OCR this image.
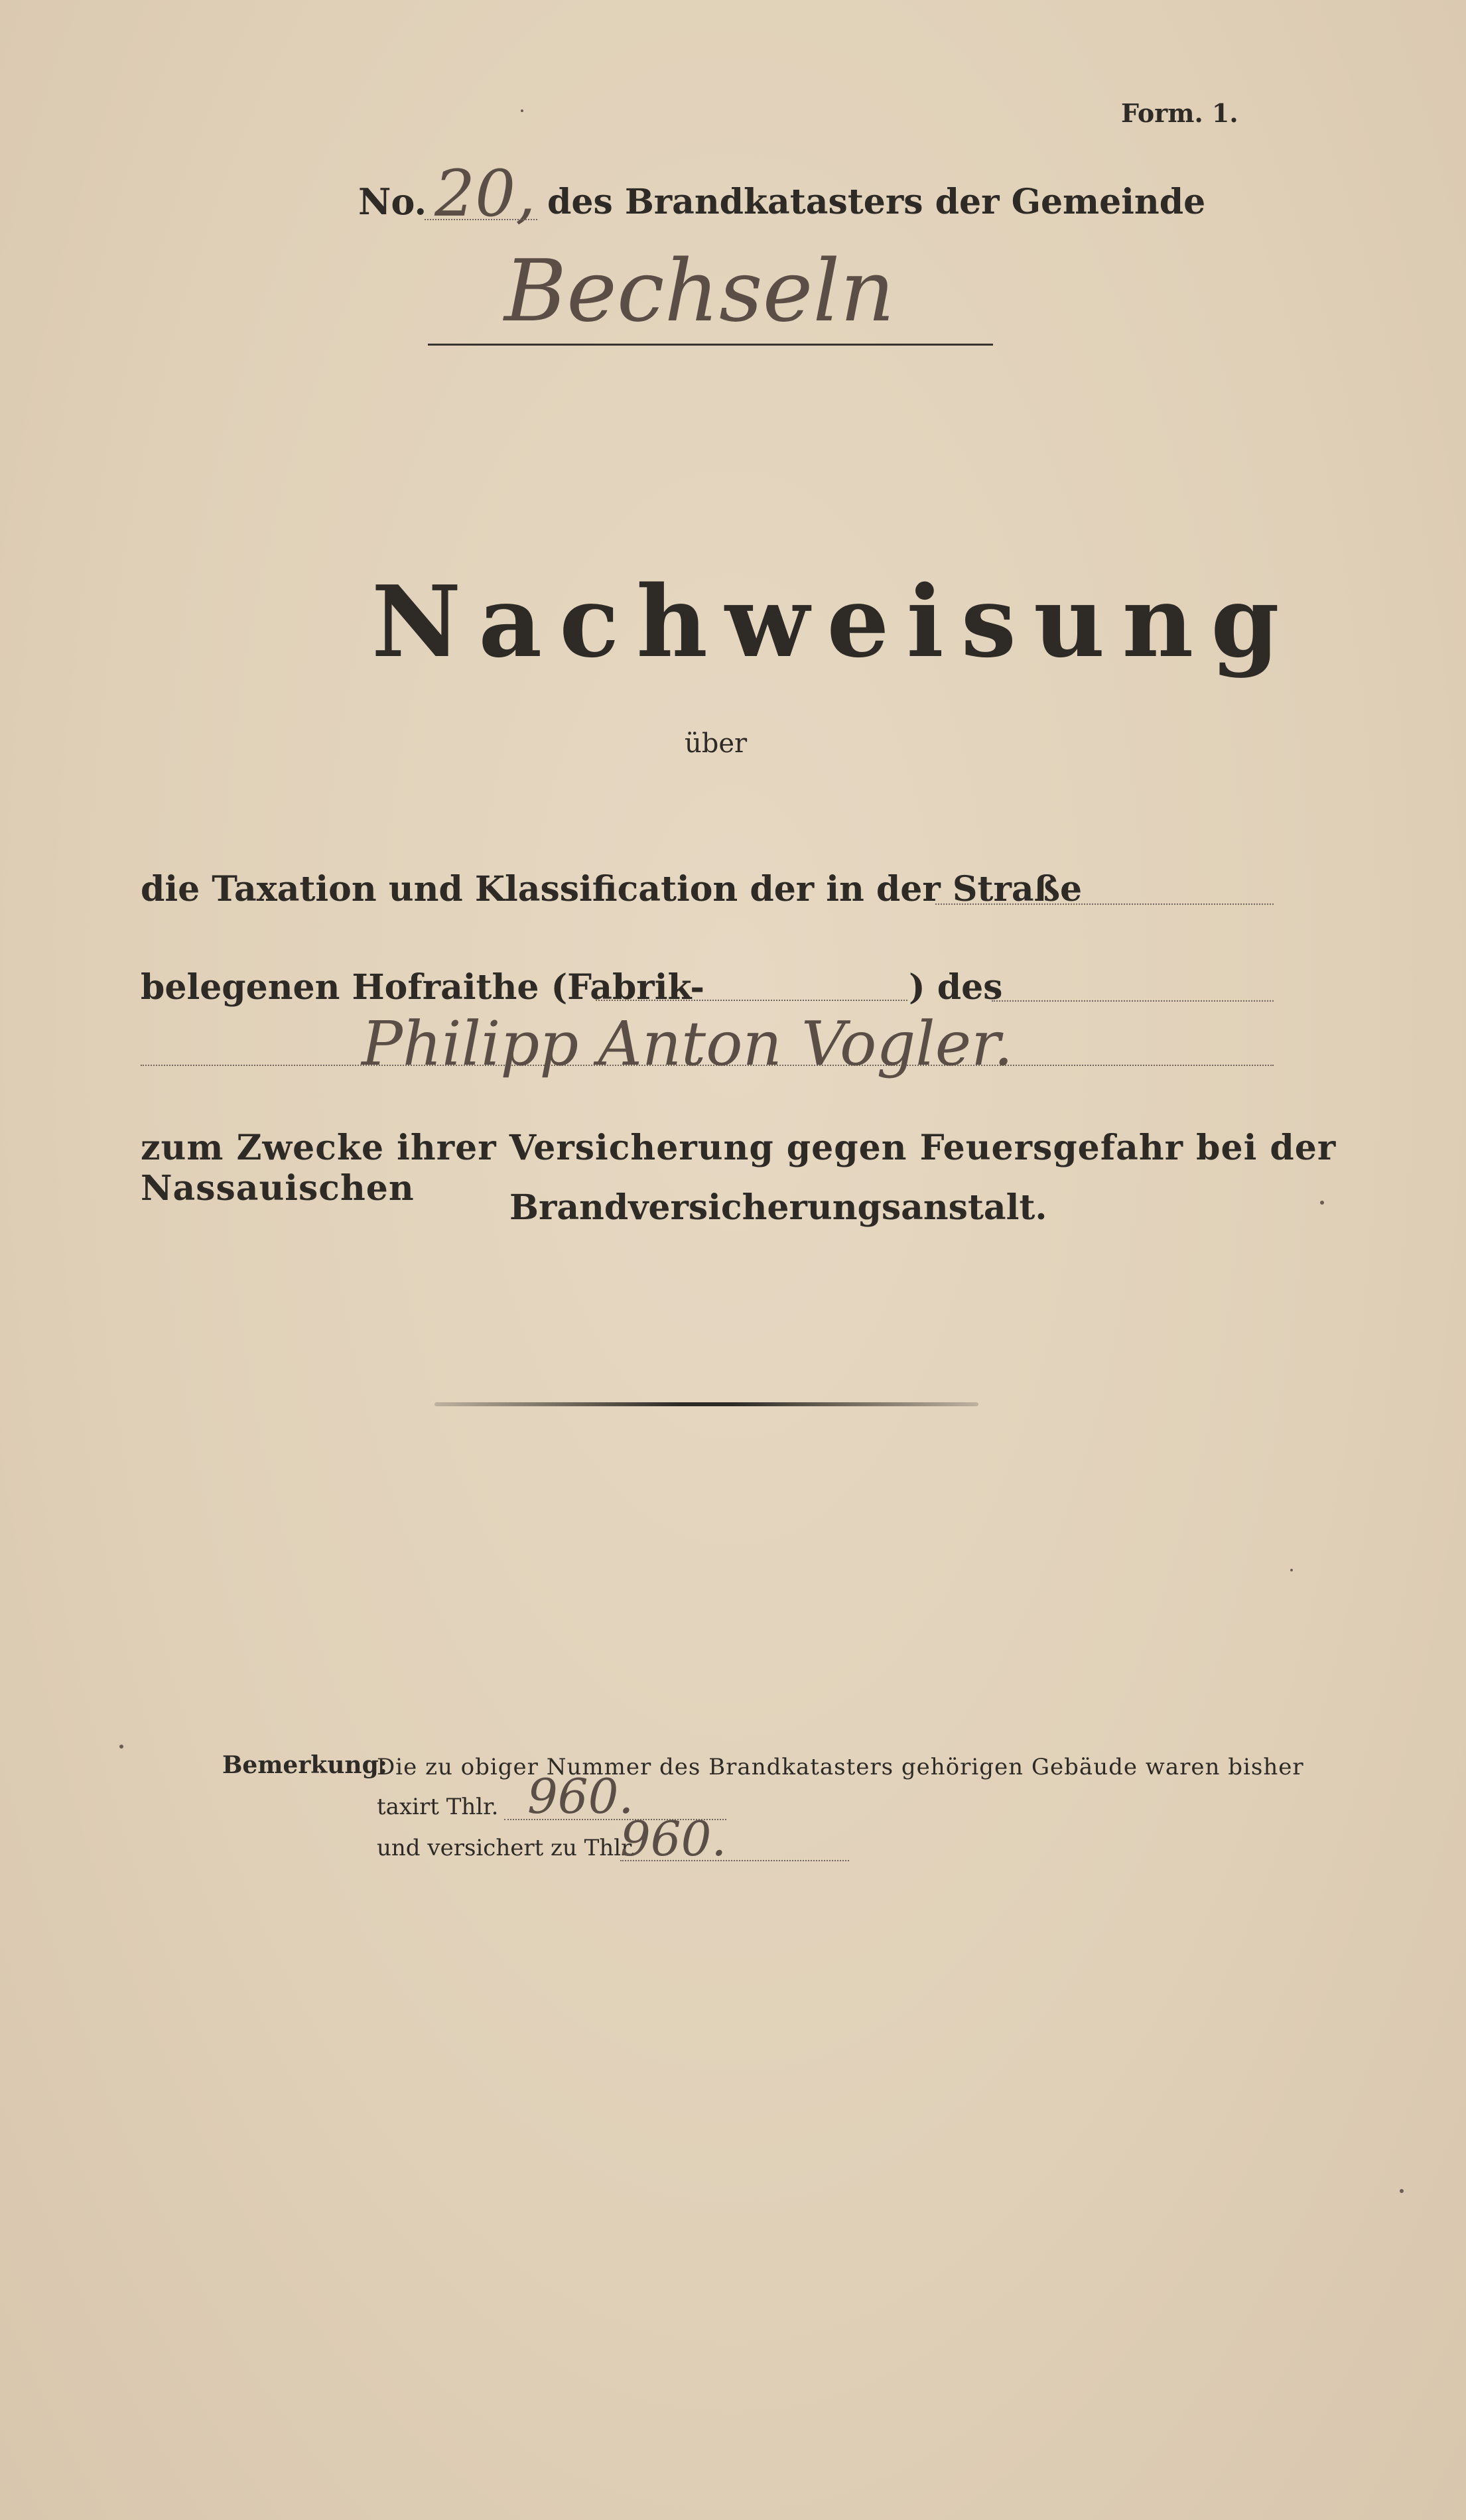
Form. 1.
No. 20, des Brandkatasters der Gemeinde
Bechseln
Nachweisung
über
die Taxation und Klassification der in der Straße
belegenen Hofraithe (Fabrik-	) des
Philipp Anton Vogler.
zum Zwecke ihrer Versicherung gegen Feuersgefahr bei der Nassauischen	Brandversicherungsanstalt.
Bemerkung:
Die zu obiger Nummer des Brandkatasters gehörigen Gebäude waren bisher
taxirt Thlr. 960.
und versichert zu Thlr.
960.
